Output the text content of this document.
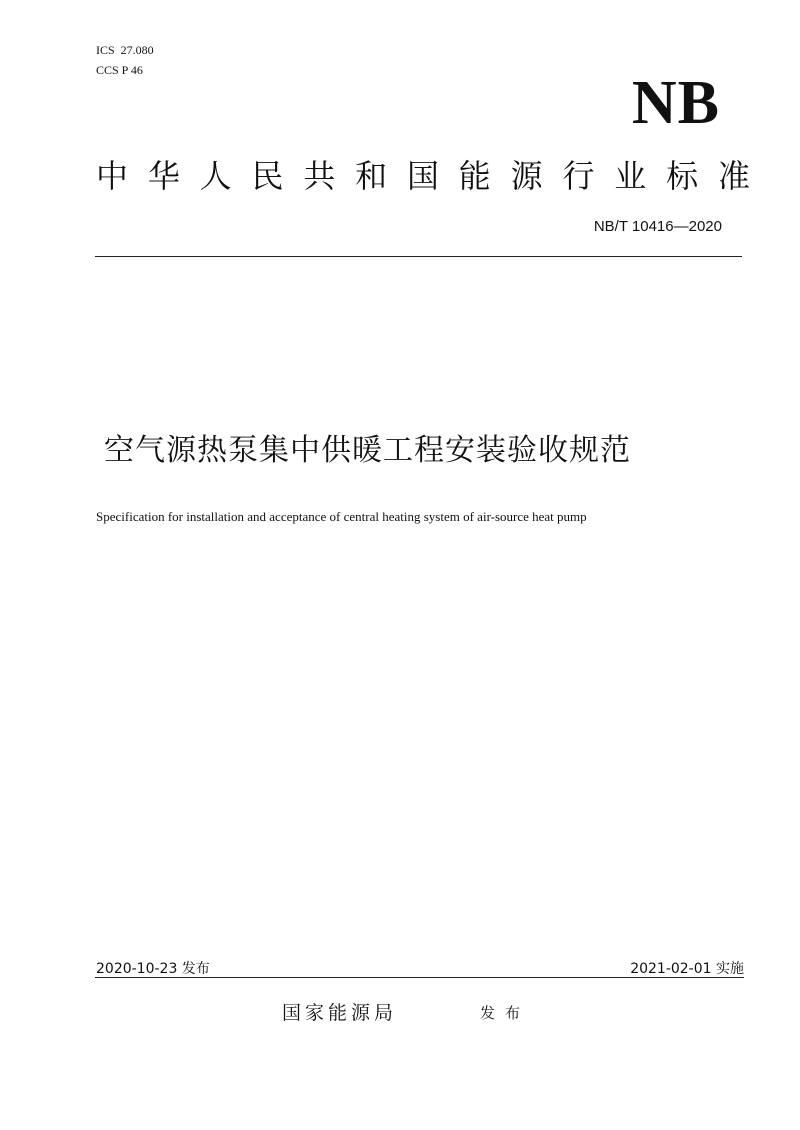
ICS  27.080
CCS P 46	NB
中 华 人 民 共 和 国 能 源 行 业 标 准
NB/T 10416—2020
空气源热泵集中供暖工程安装验收规范
Specification for installation and acceptance of central heating system of air-source heat pump
2020-10-23 发布	2021-02-01 实施
国家能源局	发布
